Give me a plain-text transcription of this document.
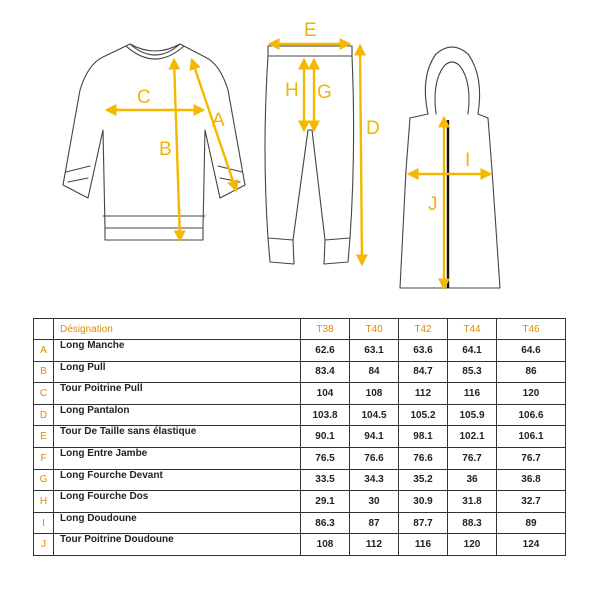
C
B
A
E
H G
D
I
J
	Désignation	T38	T40	T42	T44	T46
A	Long Manche	62.6	63.1	63.6	64.1	64.6
B	Long Pull	83.4	84	84.7	85.3	86
C	Tour Poitrine Pull	104	108	112	116	120
D	Long Pantalon	103.8	104.5	105.2	105.9	106.6
E	Tour De Taille sans élastique	90.1	94.1	98.1	102.1	106.1
F	Long Entre Jambe	76.5	76.6	76.6	76.7	76.7
G	Long Fourche Devant	33.5	34.3	35.2	36	36.8
H	Long Fourche Dos	29.1	30	30.9	31.8	32.7
I	Long Doudoune	86.3	87	87.7	88.3	89
J	Tour Poitrine Doudoune	108	112	116	120	124
